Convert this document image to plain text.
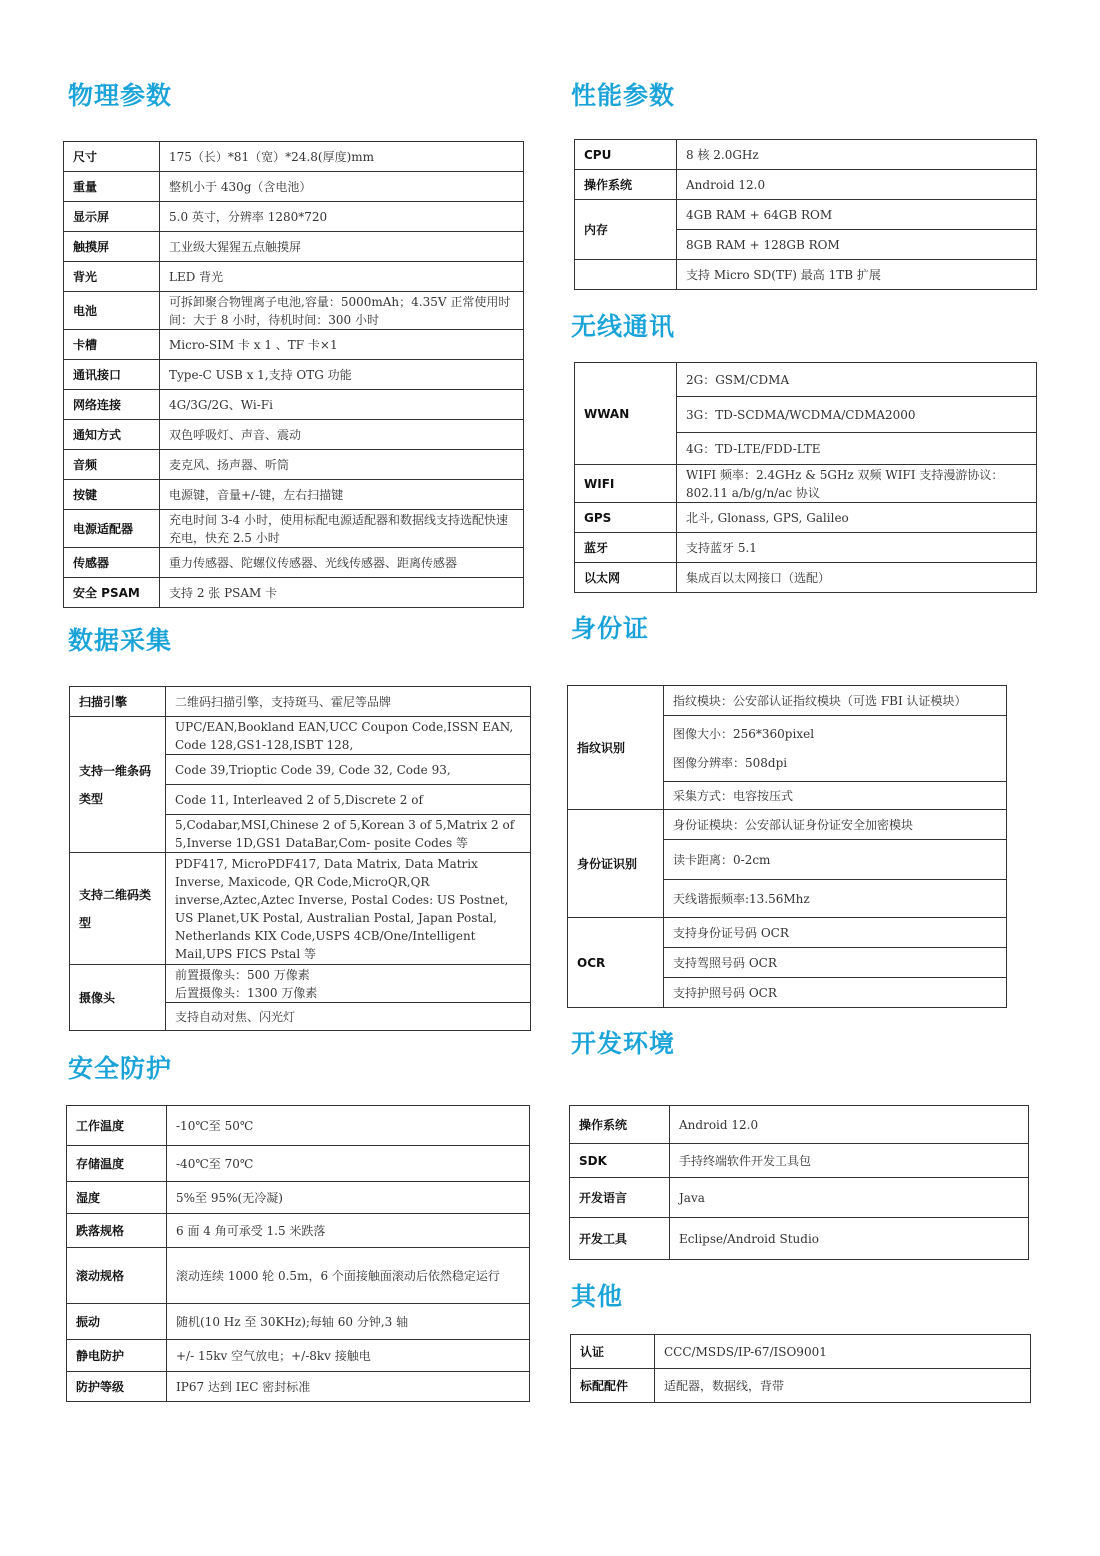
物理参数
尺寸	175（长）*81（宽）*24.8(厚度)mm
重量	整机小于 430g（含电池）
显示屏	5.0 英寸，分辨率 1280*720
触摸屏	工业级大猩猩五点触摸屏
背光	LED 背光
电池	可拆卸聚合物锂离子电池,容量：5000mAh；4.35V 正常使用时间：大于 8 小时，待机时间：300 小时
卡槽	Micro-SIM 卡 x 1 、TF 卡×1
通讯接口	Type-C USB x 1,支持 OTG 功能
网络连接	4G/3G/2G、Wi-Fi
通知方式	双色呼吸灯、声音、震动
音频	麦克风、扬声器、听筒
按键	电源键，音量+/-键，左右扫描键
电源适配器	充电时间 3-4 小时，使用标配电源适配器和数据线支持选配快速充电，快充 2.5 小时
传感器	重力传感器、陀螺仪传感器、光线传感器、距离传感器
安全 PSAM	支持 2 张 PSAM 卡
性能参数
CPU	8 核 2.0GHz
操作系统	Android 12.0
内存	4GB RAM + 64GB ROM
	8GB RAM + 128GB ROM
	支持 Micro SD(TF) 最高 1TB 扩展
无线通讯
WWAN	2G：GSM/CDMA
	3G：TD-SCDMA/WCDMA/CDMA2000
	4G：TD-LTE/FDD-LTE
WIFI	WIFI 频率：2.4GHz & 5GHz 双频 WIFI 支持漫游协议：802.11 a/b/g/n/ac 协议
GPS	北斗, Glonass, GPS, Galileo
蓝牙	支持蓝牙 5.1
以太网	集成百以太网接口（选配）
数据采集
扫描引擎	二维码扫描引擎，支持斑马、霍尼等品牌
支持一维条码类型	UPC/EAN,Bookland EAN,UCC Coupon Code,ISSN EAN, Code 128,GS1-128,ISBT 128,
	Code 39,Trioptic Code 39, Code 32, Code 93,
	Code 11, Interleaved 2 of 5,Discrete 2 of
	5,Codabar,MSI,Chinese 2 of 5,Korean 3 of 5,Matrix 2 of 5,Inverse 1D,GS1 DataBar,Com- posite Codes 等
支持二维码类型	PDF417, MicroPDF417, Data Matrix, Data Matrix Inverse, Maxicode, QR Code,MicroQR,QR inverse,Aztec,Aztec Inverse, Postal Codes: US Postnet, US Planet,UK Postal, Australian Postal, Japan Postal, Netherlands KIX Code,USPS 4CB/One/Intelligent Mail,UPS FICS Pstal 等
摄像头	前置摄像头：500 万像素
后置摄像头：1300 万像素

	支持自动对焦、闪光灯
身份证
指纹识别	指纹模块：公安部认证指纹模块（可选 FBI 认证模块）

	图像大小：256*360pixel
图像分辨率：508dpi

	采集方式：电容按压式
身份证识别	身份证模块：公安部认证身份证安全加密模块
	读卡距离：0-2cm
	天线谐振频率:13.56Mhz
OCR	支持身份证号码 OCR
	支持驾照号码 OCR
	支持护照号码 OCR
安全防护
工作温度	-10℃至 50℃
存储温度	-40℃至 70℃
湿度	5%至 95%(无冷凝)
跌落规格	6 面 4 角可承受 1.5 米跌落
滚动规格	滚动连续 1000 轮 0.5m，6 个面接触面滚动后依然稳定运行
振动	随机(10 Hz 至 30KHz);每轴 60 分钟,3 轴
静电防护	+/- 15kv 空气放电；+/-8kv 接触电
防护等级	IP67 达到 IEC 密封标准
开发环境
操作系统	Android 12.0
SDK	手持终端软件开发工具包
开发语言	Java
开发工具	Eclipse/Android Studio
其他
认证	CCC/MSDS/IP-67/ISO9001
标配配件	适配器，数据线，背带
